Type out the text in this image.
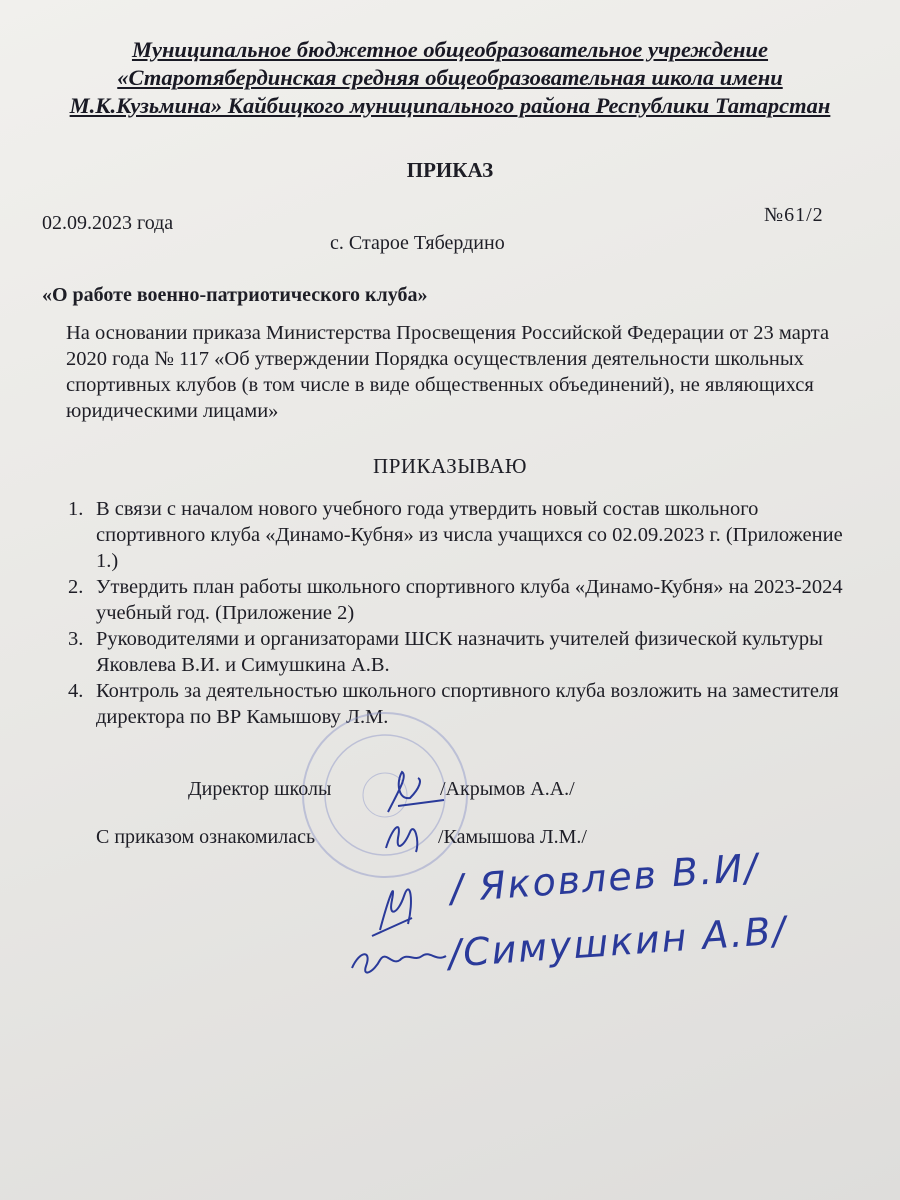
Муниципальное бюджетное общеобразовательное учреждение
«Старотябердинская средняя общеобразовательная школа имени
М.К.Кузьмина» Кайбицкого муниципального района Республики Татарстан
ПРИКАЗ
02.09.2023 года	№61/2
с. Старое Тябердино
«О работе военно-патриотического клуба»
На основании приказа Министерства Просвещения Российской Федерации от 23 марта 2020 года № 117 «Об утверждении Порядка осуществления деятельности школьных спортивных клубов (в том числе в виде общественных объединений), не являющихся юридическими лицами»
ПРИКАЗЫВАЮ
1. В связи с началом нового учебного года утвердить новый состав школьного спортивного клуба «Динамо-Кубня» из числа учащихся со 02.09.2023 г. (Приложение 1.)
2. Утвердить план работы школьного спортивного клуба «Динамо-Кубня» на 2023-2024 учебный год. (Приложение 2)
3. Руководителями и организаторами ШСК назначить учителей физической культуры Яковлева В.И. и Симушкина А.В.
4. Контроль за деятельностью школьного спортивного клуба возложить на заместителя директора по ВР Камышову Л.М.
Директор школы	/Акрымов А.А./
С приказом ознакомилась	/Камышова Л.М./
/ Яковлев В.И/
/Симушкин А.В/
